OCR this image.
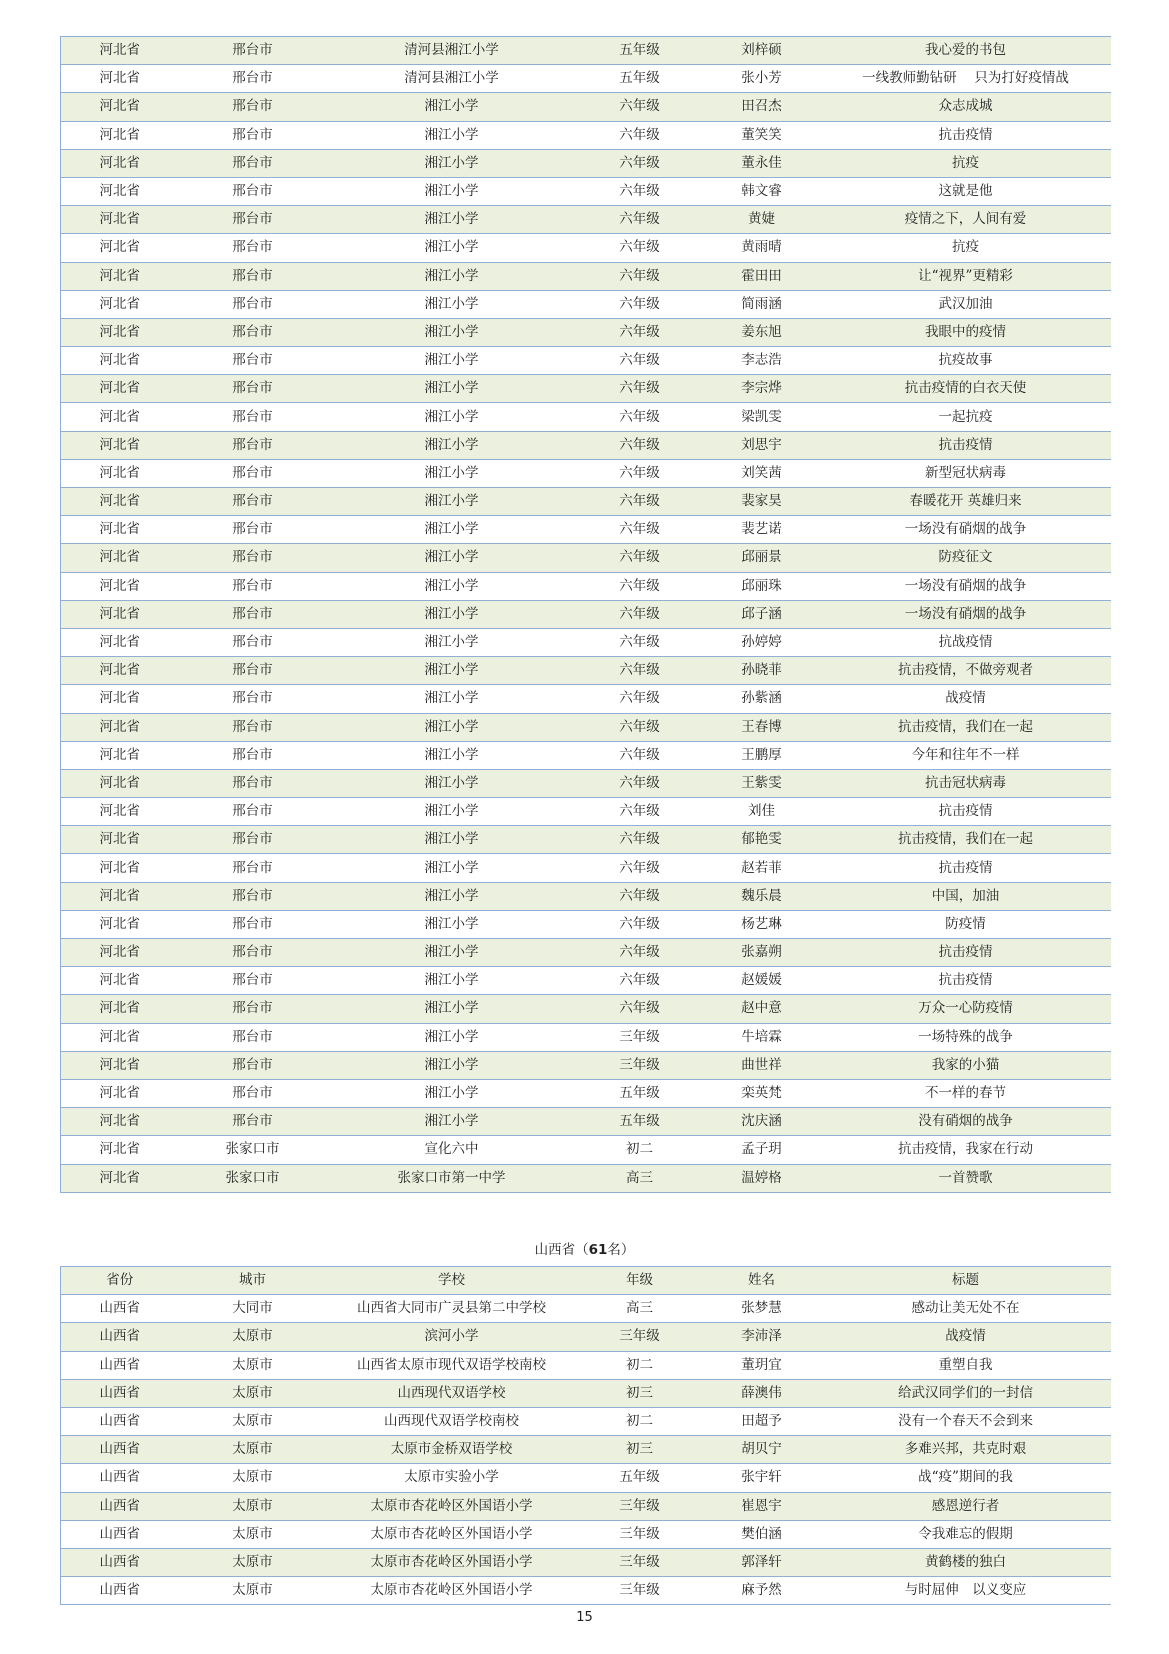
河北省	邢台市	清河县湘江小学	五年级	刘梓硕	我心爱的书包
河北省	邢台市	清河县湘江小学	五年级	张小芳	一线教师勤钻研　 只为打好疫情战
河北省	邢台市	湘江小学	六年级	田召杰	众志成城
河北省	邢台市	湘江小学	六年级	董笑笑	抗击疫情
河北省	邢台市	湘江小学	六年级	董永佳	抗疫
河北省	邢台市	湘江小学	六年级	韩文睿	这就是他
河北省	邢台市	湘江小学	六年级	黄婕	疫情之下，人间有爱
河北省	邢台市	湘江小学	六年级	黄雨晴	抗疫
河北省	邢台市	湘江小学	六年级	霍田田	让“视界”更精彩
河北省	邢台市	湘江小学	六年级	简雨涵	武汉加油
河北省	邢台市	湘江小学	六年级	姜东旭	我眼中的疫情
河北省	邢台市	湘江小学	六年级	李志浩	抗疫故事
河北省	邢台市	湘江小学	六年级	李宗烨	抗击疫情的白衣天使
河北省	邢台市	湘江小学	六年级	梁凯雯	一起抗疫
河北省	邢台市	湘江小学	六年级	刘思宇	抗击疫情
河北省	邢台市	湘江小学	六年级	刘笑茜	新型冠状病毒
河北省	邢台市	湘江小学	六年级	裴家昊	春暖花开 英雄归来
河北省	邢台市	湘江小学	六年级	裴艺诺	一场没有硝烟的战争
河北省	邢台市	湘江小学	六年级	邱丽景	防疫征文
河北省	邢台市	湘江小学	六年级	邱丽珠	一场没有硝烟的战争
河北省	邢台市	湘江小学	六年级	邱子涵	一场没有硝烟的战争
河北省	邢台市	湘江小学	六年级	孙婷婷	抗战疫情
河北省	邢台市	湘江小学	六年级	孙晓菲	抗击疫情，不做旁观者
河北省	邢台市	湘江小学	六年级	孙紫涵	战疫情
河北省	邢台市	湘江小学	六年级	王春博	抗击疫情，我们在一起
河北省	邢台市	湘江小学	六年级	王鹏厚	今年和往年不一样
河北省	邢台市	湘江小学	六年级	王紫雯	抗击冠状病毒
河北省	邢台市	湘江小学	六年级	刘佳	抗击疫情
河北省	邢台市	湘江小学	六年级	郁艳雯	抗击疫情，我们在一起
河北省	邢台市	湘江小学	六年级	赵若菲	抗击疫情
河北省	邢台市	湘江小学	六年级	魏乐晨	中国，加油
河北省	邢台市	湘江小学	六年级	杨艺琳	防疫情
河北省	邢台市	湘江小学	六年级	张嘉朔	抗击疫情
河北省	邢台市	湘江小学	六年级	赵媛媛	抗击疫情
河北省	邢台市	湘江小学	六年级	赵中意	万众一心防疫情
河北省	邢台市	湘江小学	三年级	牛培霖	一场特殊的战争
河北省	邢台市	湘江小学	三年级	曲世祥	我家的小猫
河北省	邢台市	湘江小学	五年级	栾英梵	不一样的春节
河北省	邢台市	湘江小学	五年级	沈庆涵	没有硝烟的战争
河北省	张家口市	宣化六中	初二	孟子玥	抗击疫情，我家在行动
河北省	张家口市	张家口市第一中学	高三	温婷格	一首赞歌
山西省（61名）
省份	城市	学校	年级	姓名	标题
山西省	大同市	山西省大同市广灵县第二中学校	高三	张梦慧	感动让美无处不在
山西省	太原市	滨河小学	三年级	李沛泽	战疫情
山西省	太原市	山西省太原市现代双语学校南校	初二	董玥宜	重塑自我
山西省	太原市	山西现代双语学校	初三	薛澳伟	给武汉同学们的一封信
山西省	太原市	山西现代双语学校南校	初二	田超予	没有一个春天不会到来
山西省	太原市	太原市金桥双语学校	初三	胡贝宁	多难兴邦，共克时艰
山西省	太原市	太原市实验小学	五年级	张宇轩	战“疫”期间的我
山西省	太原市	太原市杏花岭区外国语小学	三年级	崔恩宇	感恩逆行者
山西省	太原市	太原市杏花岭区外国语小学	三年级	樊伯涵	令我难忘的假期
山西省	太原市	太原市杏花岭区外国语小学	三年级	郭泽轩	黄鹤楼的独白
山西省	太原市	太原市杏花岭区外国语小学	三年级	麻予然	与时屈伸　以义变应
15
